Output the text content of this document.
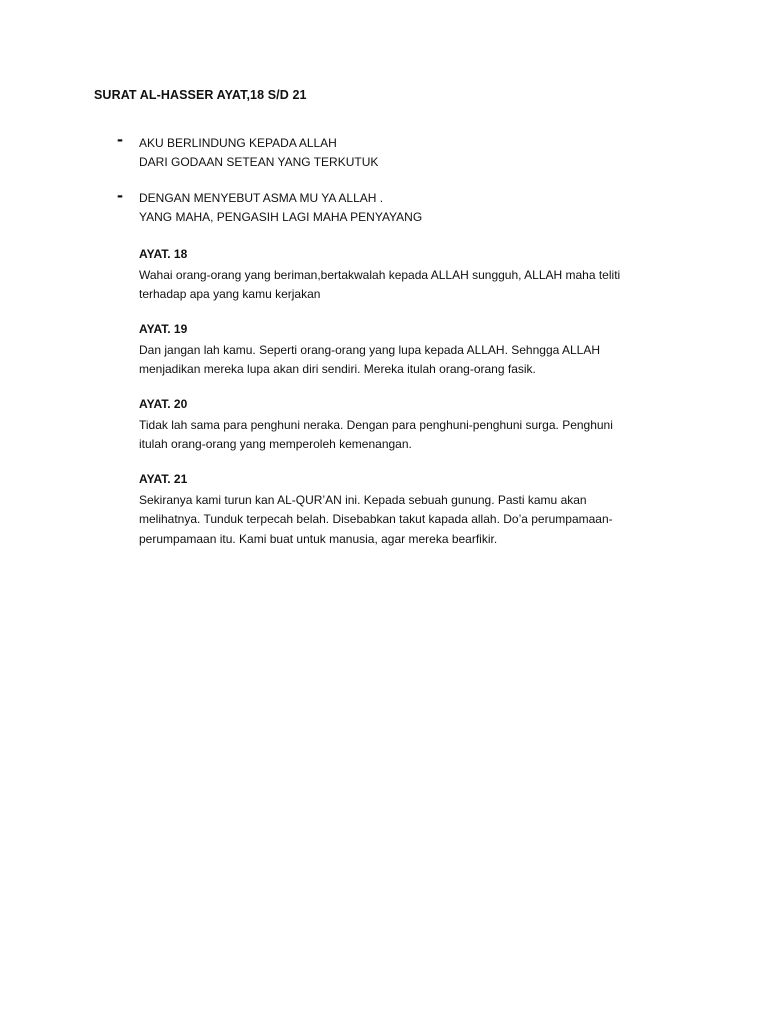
SURAT AL-HASSER AYAT,18 S/D 21
- AKU BERLINDUNG KEPADA ALLAH
DARI GODAAN SETEAN YANG TERKUTUK
- DENGAN MENYEBUT ASMA MU YA ALLAH .
YANG MAHA, PENGASIH LAGI MAHA PENYAYANG
AYAT. 18
Wahai orang-orang yang beriman,bertakwalah kepada ALLAH sungguh, ALLAH maha teliti
terhadap apa yang kamu kerjakan
AYAT. 19
Dan jangan lah kamu. Seperti orang-orang yang lupa kepada ALLAH. Sehngga ALLAH
menjadikan mereka lupa akan diri sendiri. Mereka itulah orang-orang fasik.
AYAT. 20
Tidak lah sama para penghuni neraka. Dengan para penghuni-penghuni surga. Penghuni
itulah orang-orang yang memperoleh kemenangan.
AYAT. 21
Sekiranya kami turun kan AL-QUR’AN ini. Kepada sebuah gunung. Pasti kamu akan
melihatnya. Tunduk terpecah belah. Disebabkan takut kapada allah. Do’a perumpamaan-
perumpamaan itu. Kami buat untuk manusia, agar mereka bearfikir.
